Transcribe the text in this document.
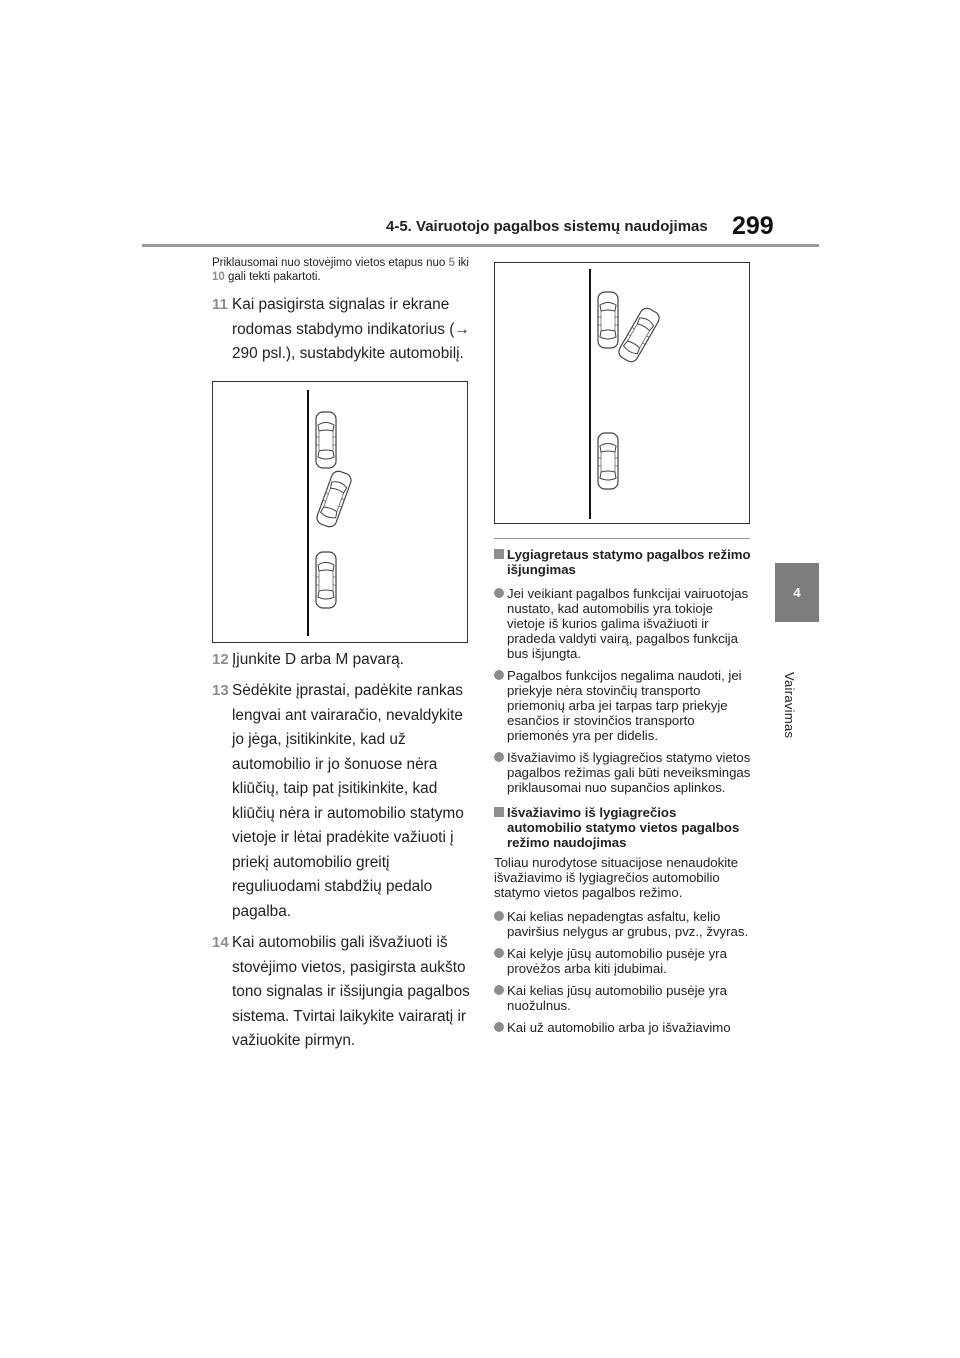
4-5. Vairuotojo pagalbos sistemų naudojimas 299
4
Vairavimas
Priklausomai nuo stovėjimo vietos etapus nuo 5 iki 10 gali tekti pakartoti.
11 Kai pasigirsta signalas ir ekrane rodomas stabdymo indikatorius (→ 290 psl.), sustabdykite automobilį.
12 Įjunkite D arba M pavarą.
13 Sėdėkite įprastai, padėkite rankas lengvai ant vairaračio, nevaldykite jo jėga, įsitikinkite, kad už automobilio ir jo šonuose nėra kliūčių, taip pat įsitikinkite, kad kliūčių nėra ir automobilio statymo vietoje ir lėtai pradėkite važiuoti į priekį automobilio greitį reguliuodami stabdžių pedalo pagalba.
14 Kai automobilis gali išvažiuoti iš stovėjimo vietos, pasigirsta aukšto tono signalas ir išsijungia pagalbos sistema. Tvirtai laikykite vairaratį ir važiuokite pirmyn.
Lygiagretaus statymo pagalbos režimo išjungimas
Jei veikiant pagalbos funkcijai vairuotojas nustato, kad automobilis yra tokioje vietoje iš kurios galima išvažiuoti ir pradeda valdyti vairą, pagalbos funkcija bus išjungta.
Pagalbos funkcijos negalima naudoti, jei priekyje nėra stovinčių transporto priemonių arba jei tarpas tarp priekyje esančios ir stovinčios transporto priemonės yra per didelis.
Išvažiavimo iš lygiagrečios statymo vietos pagalbos režimas gali būti neveiksmingas priklausomai nuo supančios aplinkos.
Išvažiavimo iš lygiagrečios automobilio statymo vietos pagalbos režimo naudojimas
Toliau nurodytose situacijose nenaudokite išvažiavimo iš lygiagrečios automobilio statymo vietos pagalbos režimo.
Kai kelias nepadengtas asfaltu, kelio paviršius nelygus ar grubus, pvz., žvyras.
Kai kelyje jūsų automobilio pusėje yra provėžos arba kiti įdubimai.
Kai kelias jūsų automobilio pusėje yra nuožulnus.
Kai už automobilio arba jo išvažiavimo
